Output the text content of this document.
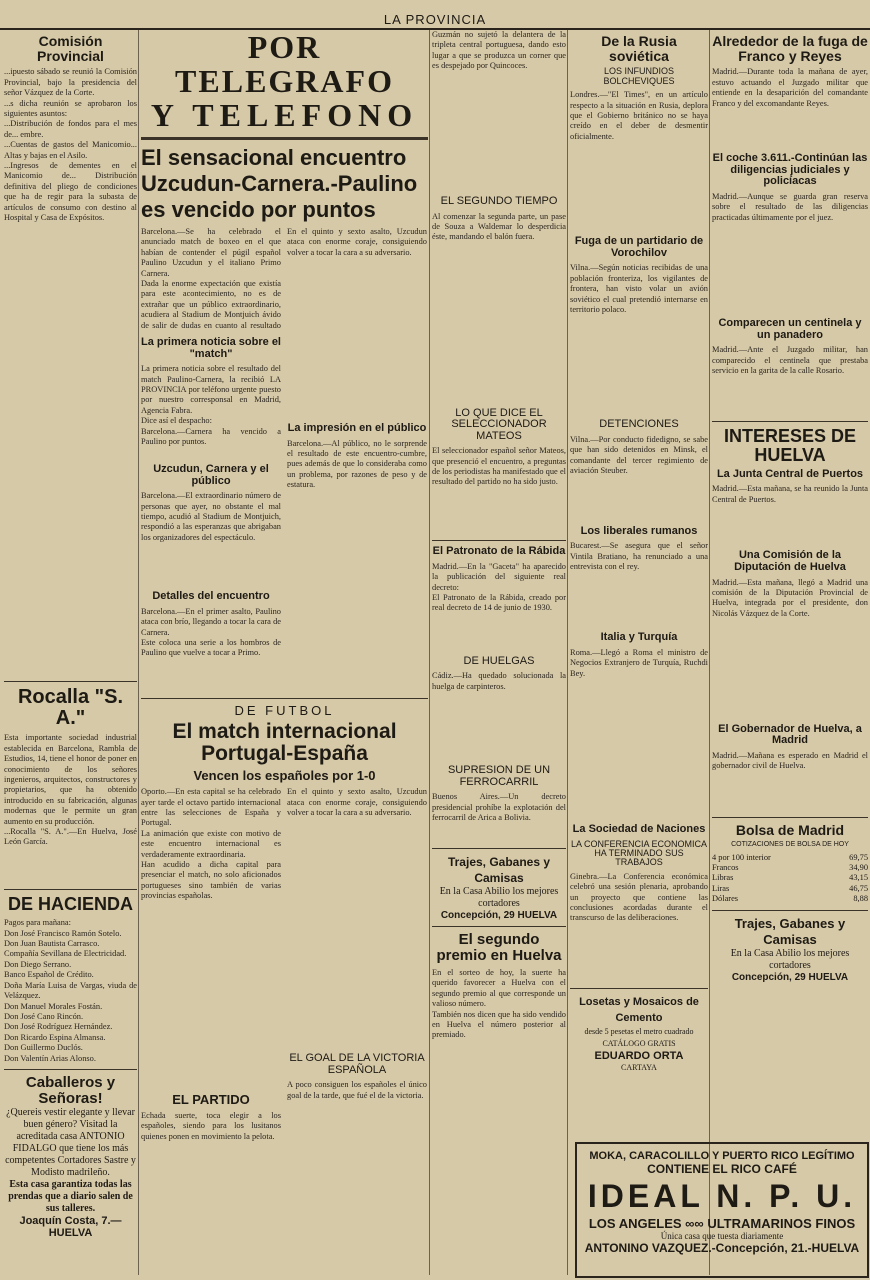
LA PROVINCIA
Comisión Provincial
...ipuesto sábado se reunió la Comisión Provincial, bajo la presidencia del señor Vázquez de la Corte.
...s dicha reunión se aprobaron los siguientes asuntos:
...Distribución de fondos para el mes de... embre.
...Cuentas de gastos del Manicomio... Altas y bajas en el Asilo.
...Ingresos de dementes en el Manicomio de... Distribución definitiva del pliego de condiciones que ha de regir para la subasta de artículos de consumo con destino al Hospital y Casa de Expósitos.
Rocalla "S. A."
Esta importante sociedad industrial establecida en Barcelona, Rambla de Estudios, 14, tiene el honor de poner en conocimiento de los señores ingenieros, arquitectos, constructores y propietarios, que ha obtenido introducido en su fabricación, algunas modernas que le permite un gran aumento en su producción.
...Rocalla "S. A.".—En Huelva, José León García.
DE HACIENDA
Pagos para mañana:
Don José Francisco Ramón Sotelo.
Don Juan Bautista Carrasco.
Compañía Sevillana de Electricidad.
Don Diego Serrano.
Banco Español de Crédito.
Doña María Luisa de Vargas, viuda de Velázquez.
Don Manuel Morales Fostán.
Don José Cano Rincón.
Don José Rodríguez Hernández.
Don Ricardo Espina Almansa.
Don Guillermo Duclós.
Don Valentín Arias Alonso.
Caballeros y Señoras!
¿Quereis vestir elegante y llevar buen género? Visitad la acreditada casa ANTONIO FIDALGO que tiene los más competentes Cortadores Sastre y Modisto madrileño.
Esta casa garantiza todas las prendas que a diario salen de sus talleres.
Joaquín Costa, 7.—HUELVA
POR TELEGRAFO
Y TELEFONO
El sensacional encuentro Uzcudun-Carnera.-Paulino es vencido por puntos
Barcelona.—Se ha celebrado el anunciado match de boxeo en el que habían de contender el púgil español Paulino Uzcudun y el italiano Primo Carnera.
Dada la enorme expectación que existía para este acontecimiento, no es de extrañar que un público extraordinario, acudiera al Stadium de Montjuich ávido de salir de dudas en cuanto al resultado
La primera noticia sobre el "match"
La primera noticia sobre el resultado del match Paulino-Carnera, la recibió LA PROVINCIA por teléfono urgente puesto por nuestro corresponsal en Madrid, Agencia Fabra.
Dice así el despacho:
Barcelona.—Carnera ha vencido a Paulino por puntos.
Uzcudun, Carnera y el público
Barcelona.—El extraordinario número de personas que ayer, no obstante el mal tiempo, acudió al Stadium de Montjuich, respondió a las esperanzas que abrigaban los organizadores del espectáculo.
Detalles del encuentro
Barcelona.—En el primer asalto, Paulino ataca con brío, llegando a tocar la cara de Carnera.
Este coloca una serie a los hombros de Paulino que vuelve a tocar a Primo.
En el quinto y sexto asalto, Uzcudun ataca con enorme coraje, consiguiendo volver a tocar la cara a su adversario.
La impresión en el público
Barcelona.—Al público, no le sorprende el resultado de este encuentro-cumbre, pues además de que lo consideraba como un problema, por razones de peso y de estatura.
DE FUTBOL
El match internacional Portugal-España
Vencen los españoles por 1-0
Oporto.—En esta capital se ha celebrado ayer tarde el octavo partido internacional entre las selecciones de España y Portugal.
La animación que existe con motivo de este encuentro internacional es verdaderamente extraordinaria.
Han acudido a dicha capital para presenciar el match, no solo aficionados portugueses sino también de varias provincias españolas.
EL PARTIDO
Echada suerte, toca elegir a los españoles, siendo para los lusitanos quienes ponen en movimiento la pelota.
En el quinto y sexto asalto, Uzcudun ataca con enorme coraje, consiguiendo volver a tocar la cara a su adversario.
EL GOAL DE LA VICTORIA ESPAÑOLA
A poco consiguen los españoles el único goal de la tarde, que fué el de la victoria.
Guzmán no sujetó la delantera de la tripleta central portuguesa, dando esto lugar a que se produzca un corner que es despejado por Quincoces.
EL SEGUNDO TIEMPO
Al comenzar la segunda parte, un pase de Souza a Waldemar lo desperdicia éste, mandando el balón fuera.
LO QUE DICE EL SELECCIONADOR MATEOS
El seleccionador español señor Mateos, que presenció el encuentro, a preguntas de los periodistas ha manifestado que el resultado del partido no ha sido justo.
El Patronato de la Rábida
Madrid.—En la "Gaceta" ha aparecido la publicación del siguiente real decreto:
El Patronato de la Rábida, creado por real decreto de 14 de junio de 1930.
DE HUELGAS
Cádiz.—Ha quedado solucionada la huelga de carpinteros.
SUPRESION DE UN FERROCARRIL
Buenos Aires.—Un decreto presidencial prohíbe la explotación del ferrocarril de Arica a Bolivia.
Trajes, Gabanes y Camisas
En la Casa Abilio los mejores cortadores
Concepción, 29 HUELVA
El segundo premio en Huelva
En el sorteo de hoy, la suerte ha querido favorecer a Huelva con el segundo premio al que corresponde un valioso número.
También nos dicen que ha sido vendido en Huelva el número posterior al premiado.
De la Rusia soviética
LOS INFUNDIOS BOLCHEVIQUES
Londres.—"El Times", en un artículo respecto a la situación en Rusia, deplora que el Gobierno británico no se haya creído en el deber de desmentir oficialmente.
Fuga de un partidario de Vorochilov
Vilna.—Según noticias recibidas de una población fronteriza, los vigilantes de frontera, han visto volar un avión soviético el cual pretendió internarse en territorio polaco.
DETENCIONES
Vilna.—Por conducto fidedigno, se sabe que han sido detenidos en Minsk, el comandante del tercer regimiento de aviación Steuber.
Los liberales rumanos
Bucarest.—Se asegura que el señor Vintila Bratiano, ha renunciado a una entrevista con el rey.
Italia y Turquía
Roma.—Llegó a Roma el ministro de Negocios Extranjero de Turquía, Ruchdi Bey.
La Sociedad de Naciones
LA CONFERENCIA ECONOMICA HA TERMINADO SUS TRABAJOS
Ginebra.—La Conferencia económica celebró una sesión plenaria, aprobando un proyecto que contiene las conclusiones acordadas durante el transcurso de las deliberaciones.
Losetas y Mosaicos de Cemento
desde 5 pesetas el metro cuadrado
CATÁLOGO GRATIS
EDUARDO ORTA
CARTAYA
Alrededor de la fuga de Franco y Reyes
Madrid.—Durante toda la mañana de ayer, estuvo actuando el Juzgado militar que entiende en la desaparición del comandante Franco y del excomandante Reyes.
El coche 3.611.-Continúan las diligencias judiciales y policíacas
Madrid.—Aunque se guarda gran reserva sobre el resultado de las diligencias practicadas últimamente por el juez.
Comparecen un centinela y un panadero
Madrid.—Ante el Juzgado militar, han comparecido el centinela que prestaba servicio en la garita de la calle Rosario.
INTERESES DE HUELVA
La Junta Central de Puertos
Madrid.—Esta mañana, se ha reunido la Junta Central de Puertos.
Una Comisión de la Diputación de Huelva
Madrid.—Esta mañana, llegó a Madrid una comisión de la Diputación Provincial de Huelva, integrada por el presidente, don Nicolás Vázquez de la Corte.
El Gobernador de Huelva, a Madrid
Madrid.—Mañana es esperado en Madrid el gobernador civil de Huelva.
Bolsa de Madrid
COTIZACIONES DE BOLSA DE HOY
4 por 100 interior	69,75
Francos	34,90
Libras	43,15
Liras	46,75
Dólares	8,88
Trajes, Gabanes y Camisas
En la Casa Abilio los mejores cortadores
Concepción, 29 HUELVA
MOKA, CARACOLILLO Y PUERTO RICO LEGÍTIMO
CONTIENE EL RICO CAFÉ
IDEAL N. P. U.
LOS ANGELES ∞∞ ULTRAMARINOS FINOS
Única casa que tuesta diariamente
ANTONINO VAZQUEZ.-Concepción, 21.-HUELVA
